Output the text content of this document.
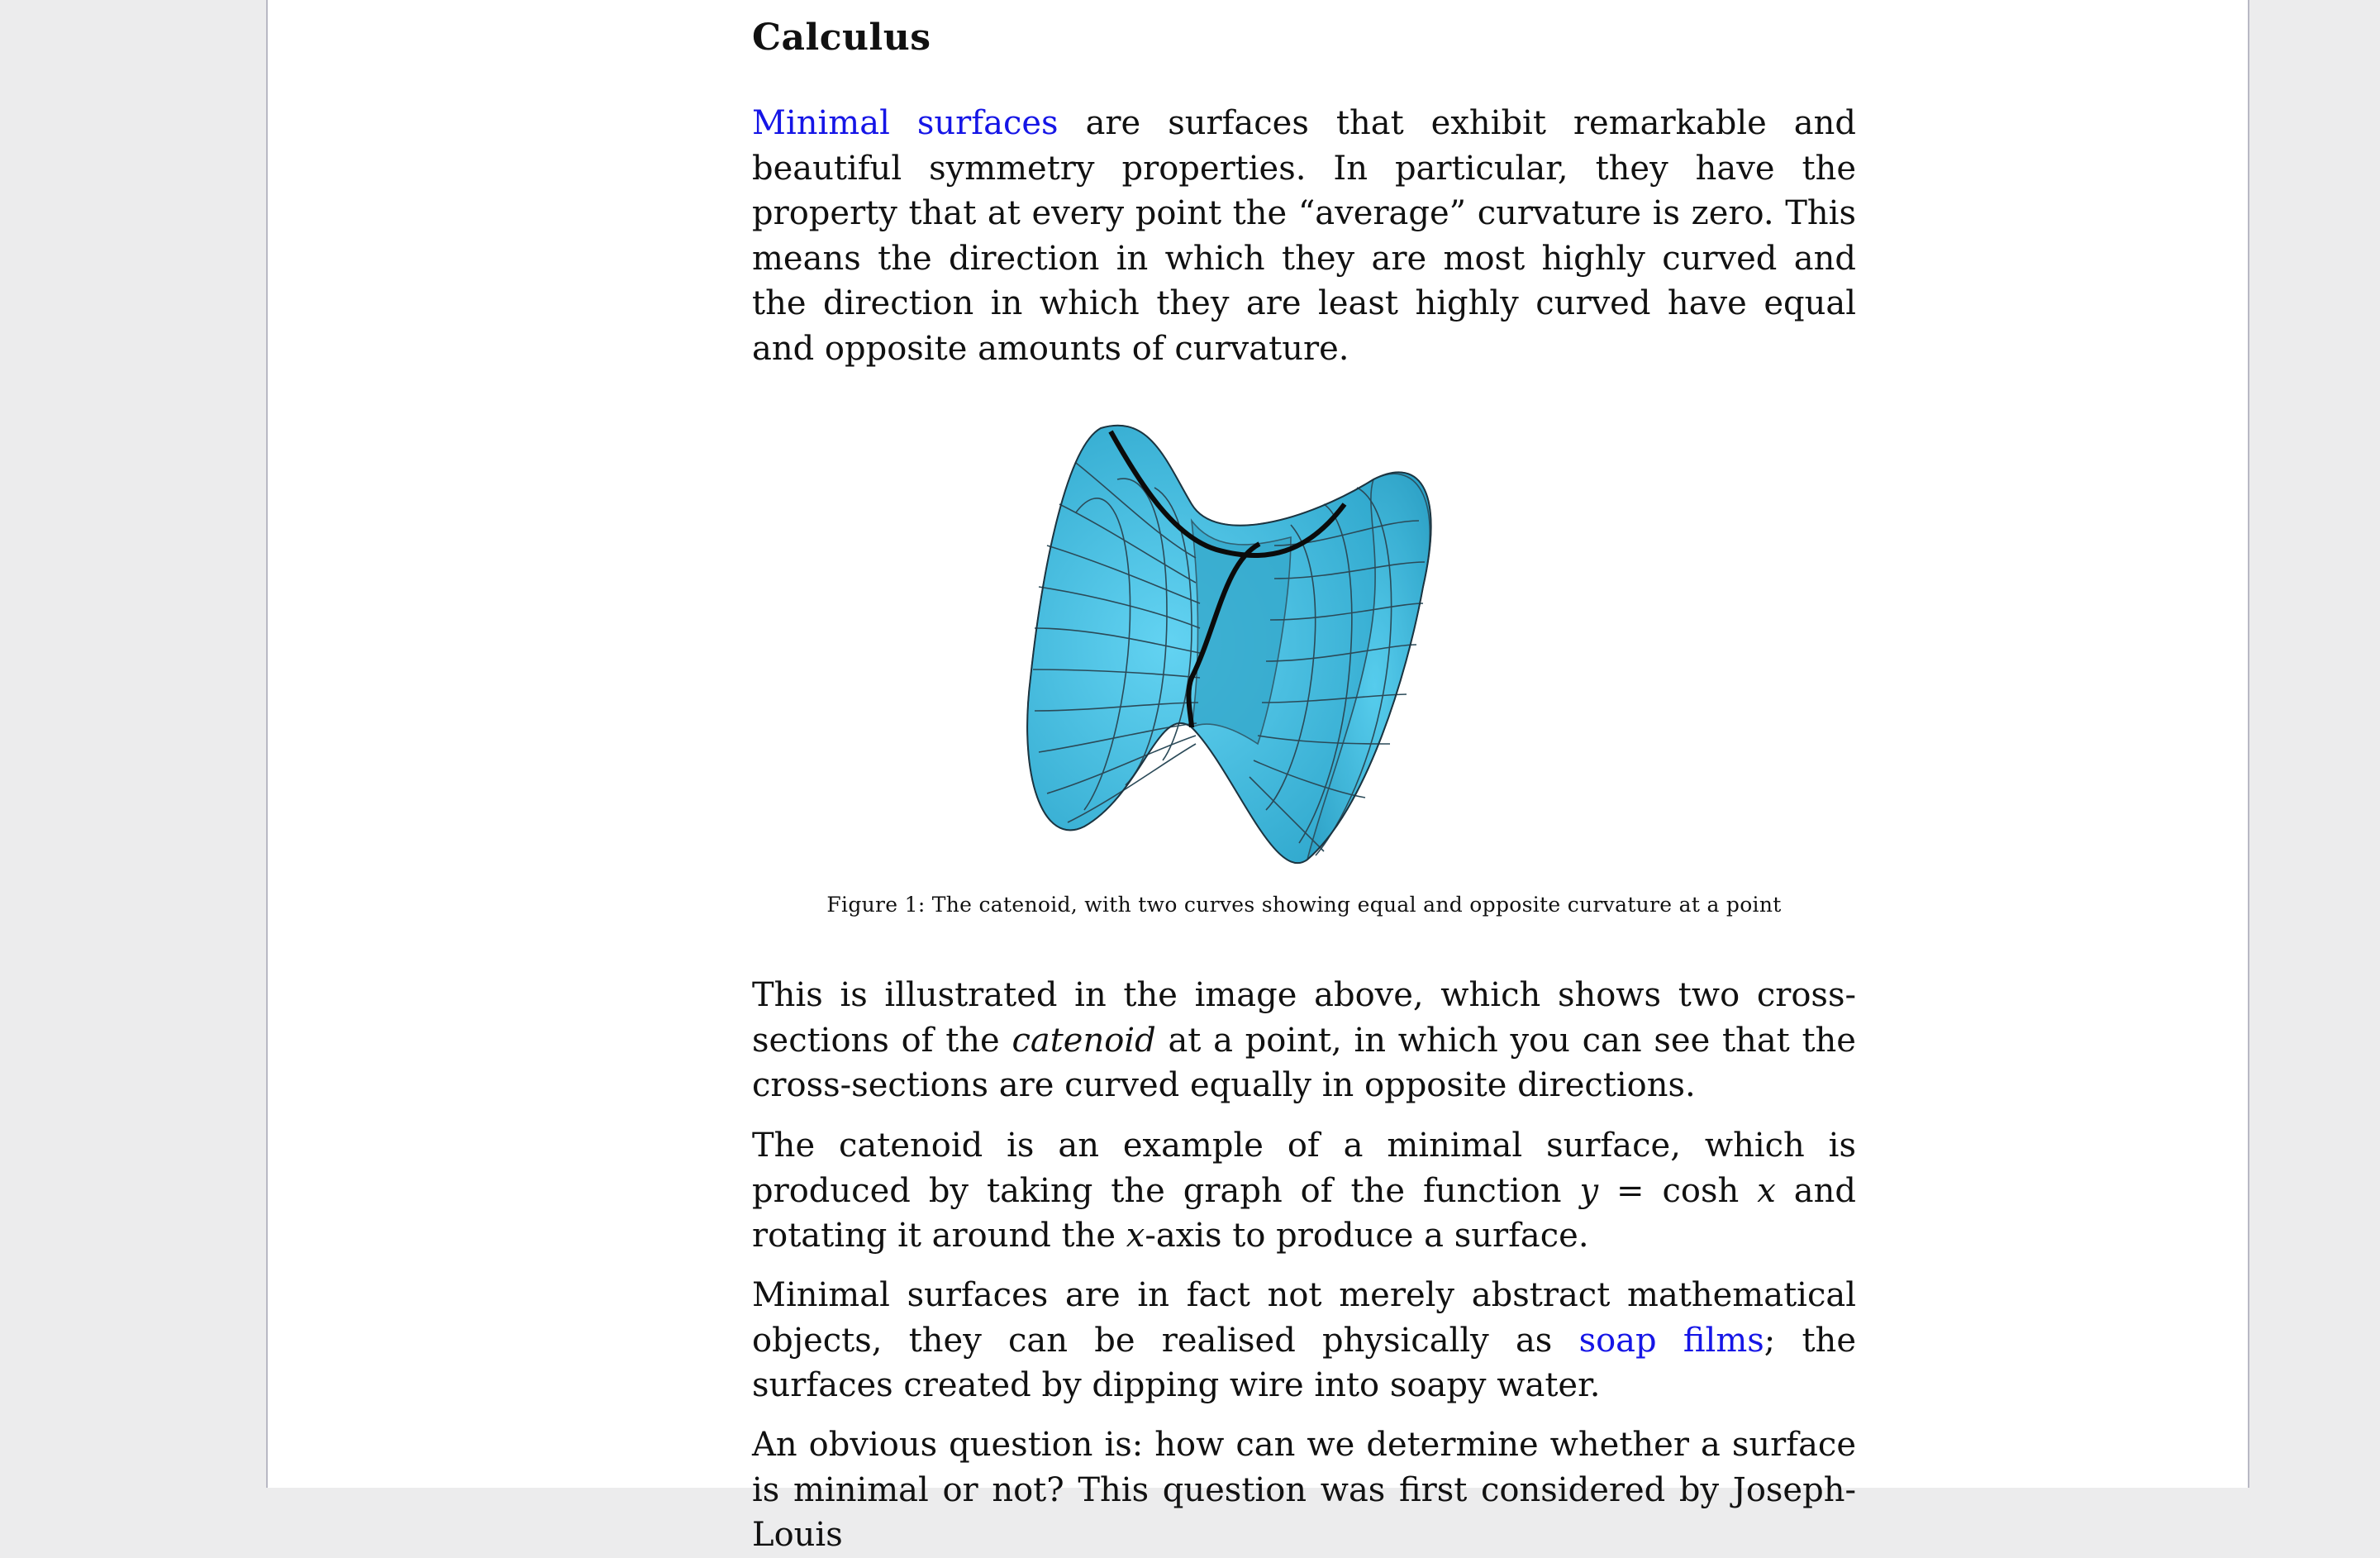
Calculus

Minimal surfaces are surfaces that exhibit remarkable and beautiful symmetry properties. In particular, they have the property that at every point the “average” curvature is zero. This means the direction in which they are most highly curved and the direction in which they are least highly curved have equal and opposite amounts of curvature.

Figure 1: The catenoid, with two curves showing equal and opposite curvature at a point

This is illustrated in the image above, which shows two cross-sections of the catenoid at a point, in which you can see that the cross-sections are curved equally in opposite directions.

The catenoid is an example of a minimal surface, which is produced by taking the graph of the function y = cosh x and rotating it around the x-axis to produce a surface.

Minimal surfaces are in fact not merely abstract mathematical objects, they can be realised physically as soap films; the surfaces created by dipping wire into soapy water.

An obvious question is: how can we determine whether a surface is minimal or not? This question was first considered by Joseph-Louis
